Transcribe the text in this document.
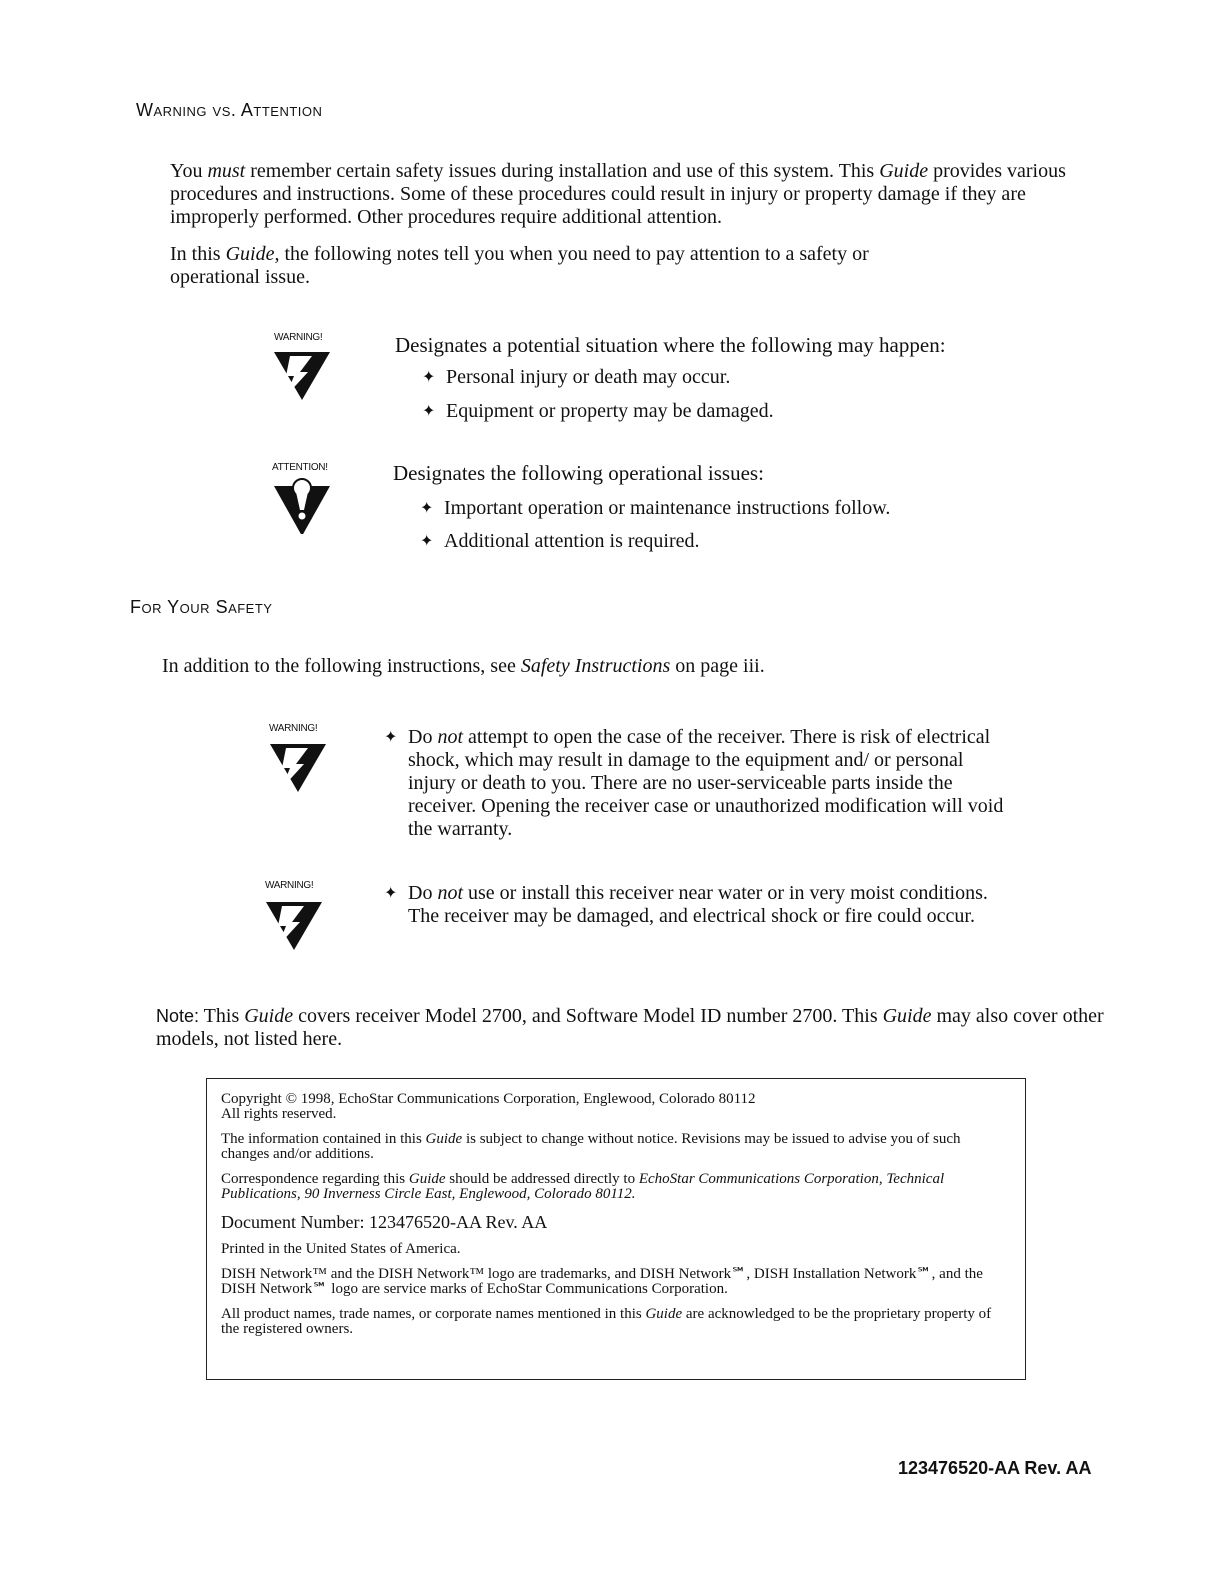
Warning vs. Attention
You must remember certain safety issues during installation and use of this system. This Guide provides various procedures and instructions. Some of these procedures could result in injury or property damage if they are improperly performed. Other procedures require additional attention.
In this Guide, the following notes tell you when you need to pay attention to a safety or operational issue.
WARNING!	Designates a potential situation where the following may happen:
✦ Personal injury or death may occur.
✦ Equipment or property may be damaged.
ATTENTION!	Designates the following operational issues:
✦ Important operation or maintenance instructions follow.
✦ Additional attention is required.
For Your Safety
In addition to the following instructions, see Safety Instructions on page iii.
WARNING!
✦ Do not attempt to open the case of the receiver. There is risk of electrical shock, which may result in damage to the equipment and/ or personal injury or death to you. There are no user-serviceable parts inside the receiver. Opening the receiver case or unauthorized modification will void the warranty.
WARNING!	✦ Do not use or install this receiver near water or in very moist conditions. The receiver may be damaged, and electrical shock or fire could occur.
Note: This Guide covers receiver Model 2700, and Software Model ID number 2700. This Guide may also cover other models, not listed here.
Copyright © 1998, EchoStar Communications Corporation, Englewood, Colorado 80112
All rights reserved.
The information contained in this Guide is subject to change without notice. Revisions may be issued to advise you of such changes and/or additions.
Correspondence regarding this Guide should be addressed directly to EchoStar Communications Corporation, Technical Publications, 90 Inverness Circle East, Englewood, Colorado 80112.
Document Number: 123476520-AA Rev. AA
Printed in the United States of America.
DISH Network™ and the DISH Network™ logo are trademarks, and DISH Network℠, DISH Installation Network℠, and the DISH Network℠ logo are service marks of EchoStar Communications Corporation.
All product names, trade names, or corporate names mentioned in this Guide are acknowledged to be the proprietary property of the registered owners.
123476520-AA Rev. AA
